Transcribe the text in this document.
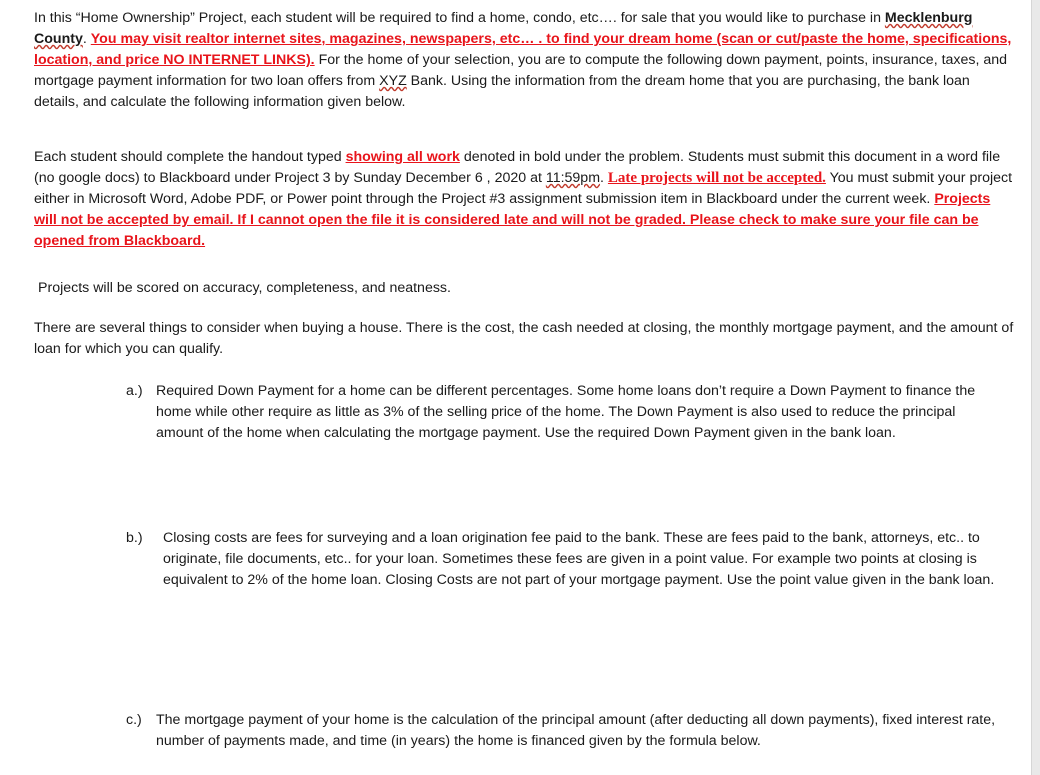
In this “Home Ownership” Project, each student will be required to find a home, condo, etc…. for sale that you would like to purchase in Mecklenburg County. You may visit realtor internet sites, magazines, newspapers, etc… . to find your dream home (scan or cut/paste the home, specifications, location, and price NO INTERNET LINKS). For the home of your selection, you are to compute the following down payment, points, insurance, taxes, and mortgage payment information for two loan offers from XYZ Bank. Using the information from the dream home that you are purchasing, the bank loan details, and calculate the following information given below.

Each student should complete the handout typed showing all work denoted in bold under the problem. Students must submit this document in a word file (no google docs) to Blackboard under Project 3 by Sunday December 6 , 2020 at 11:59pm. Late projects will not be accepted. You must submit your project either in Microsoft Word, Adobe PDF, or Power point through the Project #3 assignment submission item in Blackboard under the current week. Projects will not be accepted by email. If I cannot open the file it is considered late and will not be graded. Please check to make sure your file can be opened from Blackboard.

Projects will be scored on accuracy, completeness, and neatness.

There are several things to consider when buying a house. There is the cost, the cash needed at closing, the monthly mortgage payment, and the amount of loan for which you can qualify.

a.) Required Down Payment for a home can be different percentages. Some home loans don’t require a Down Payment to finance the home while other require as little as 3% of the selling price of the home. The Down Payment is also used to reduce the principal amount of the home when calculating the mortgage payment. Use the required Down Payment given in the bank loan.
b.) Closing costs are fees for surveying and a loan origination fee paid to the bank. These are fees paid to the bank, attorneys, etc.. to originate, file documents, etc.. for your loan. Sometimes these fees are given in a point value. For example two points at closing is equivalent to 2% of the home loan. Closing Costs are not part of your mortgage payment. Use the point value given in the bank loan.
c.) The mortgage payment of your home is the calculation of the principal amount (after deducting all down payments), fixed interest rate, number of payments made, and time (in years) the home is financed given by the formula below.
